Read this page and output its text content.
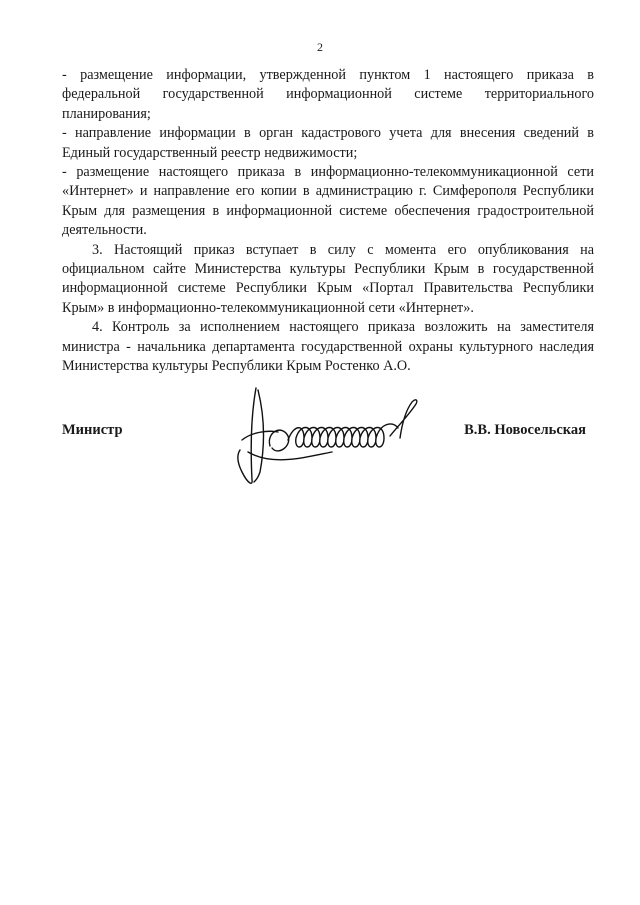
2

- размещение информации, утвержденной пунктом 1 настоящего приказа в федеральной государственной информационной системе территориального планирования;

- направление информации в орган кадастрового учета для внесения сведений в Единый государственный реестр недвижимости;

- размещение настоящего приказа в информационно-телекоммуникационной сети «Интернет» и направление его копии в администрацию г. Симферополя Республики Крым для размещения в информационной системе обеспечения градостроительной деятельности.

3. Настоящий приказ вступает в силу с момента его опубликования на официальном сайте Министерства культуры Республики Крым в государственной информационной системе Республики Крым «Портал Правительства Республики Крым» в информационно-телекоммуникационной сети «Интернет».

4. Контроль за исполнением настоящего приказа возложить на заместителя министра - начальника департамента государственной охраны культурного наследия Министерства культуры Республики Крым Ростенко А.О.

Министр	В.В. Новосельская
